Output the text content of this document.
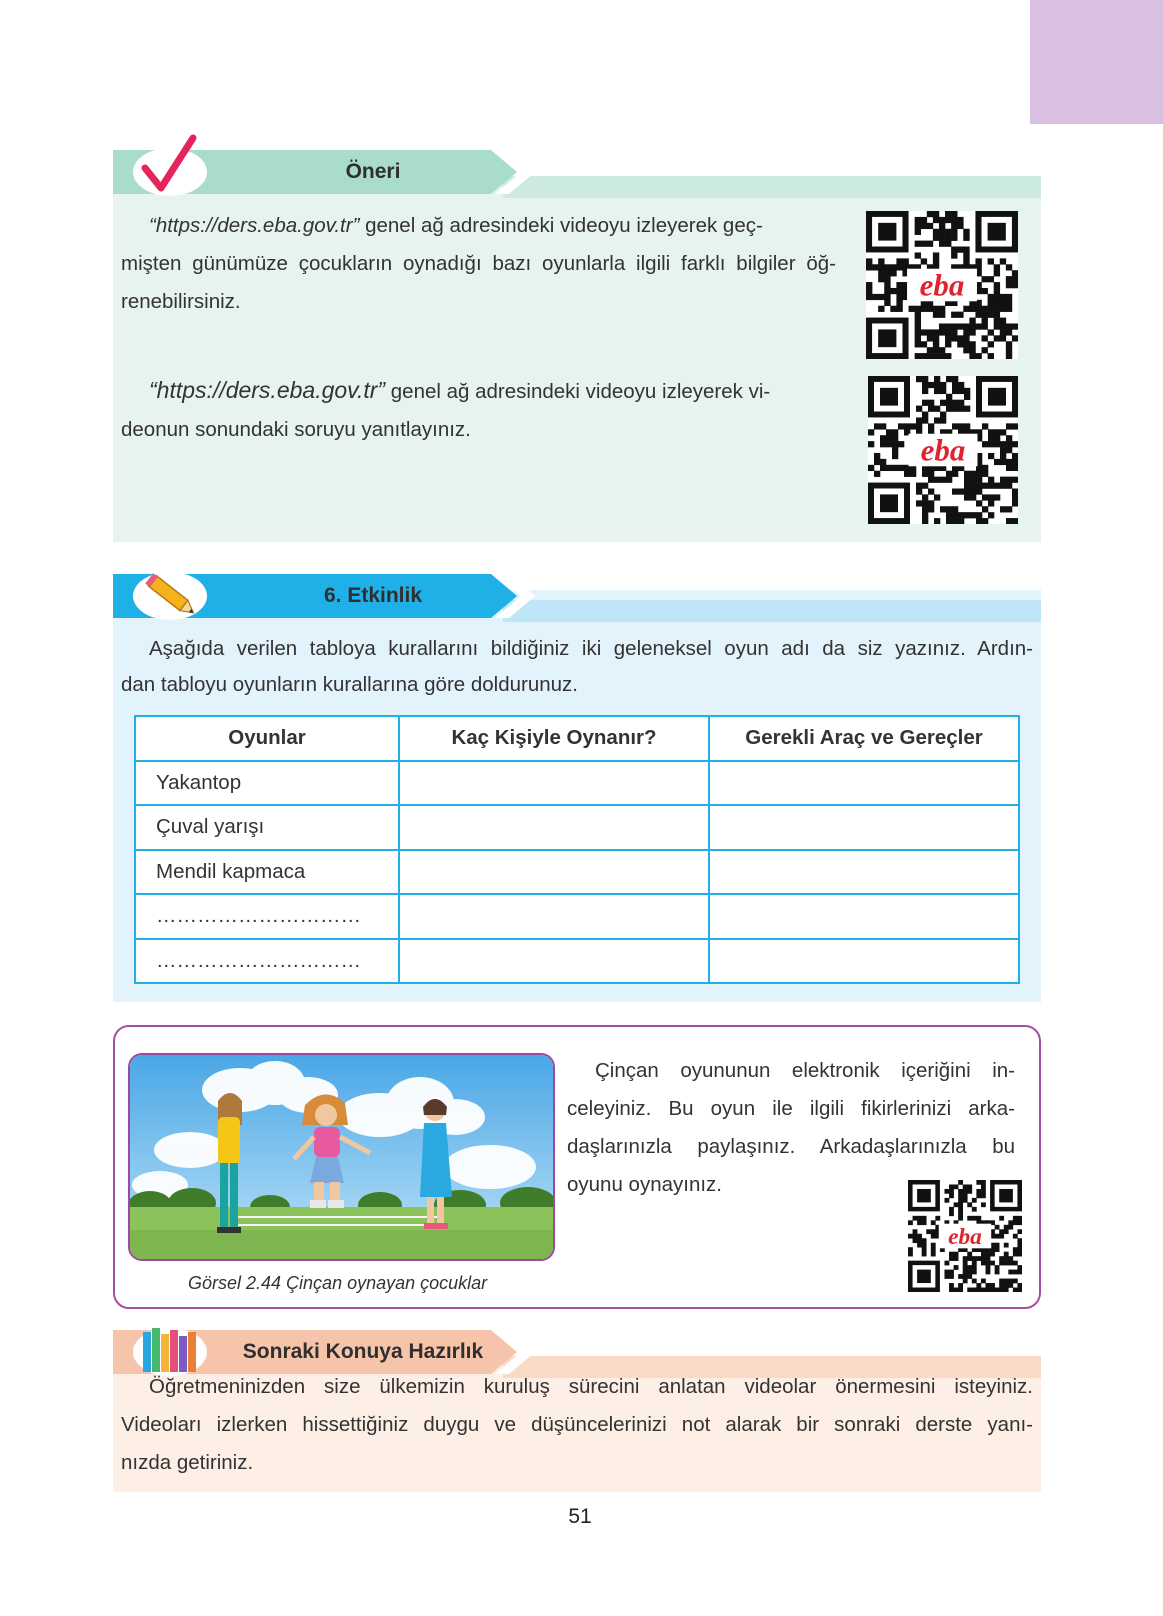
Öneri
“https://ders.eba.gov.tr” genel ağ adresindeki videoyu izleyerek geç-
mişten günümüze çocukların oynadığı bazı oyunlarla ilgili farklı bilgiler öğ-
renebilirsiniz.
“https://ders.eba.gov.tr” genel ağ adresindeki videoyu izleyerek vi-
deonun sonundaki soruyu yanıtlayınız.
eba
eba
6. Etkinlik
Aşağıda verilen tabloya kurallarını bildiğiniz iki geleneksel oyun adı da siz yazınız. Ardın-
dan tabloyu oyunların kurallarına göre doldurunuz.
Oyunlar	Kaç Kişiyle Oynanır?	Gerekli Araç ve Gereçler
Yakantop		
Çuval yarışı		
Mendil kapmaca		
…………………………		
…………………………		
Görsel 2.44 Çinçan oynayan çocuklar
Çinçan oyununun elektronik içeriğini in-
celeyiniz. Bu oyun ile ilgili fikirlerinizi arka-
daşlarınızla paylaşınız. Arkadaşlarınızla bu
oyunu oynayınız.
eba
Sonraki Konuya Hazırlık
Öğretmeninizden size ülkemizin kuruluş sürecini anlatan videolar önermesini isteyiniz.
Videoları izlerken hissettiğiniz duygu ve düşüncelerinizi not alarak bir sonraki derste yanı-
nızda getiriniz.
51
